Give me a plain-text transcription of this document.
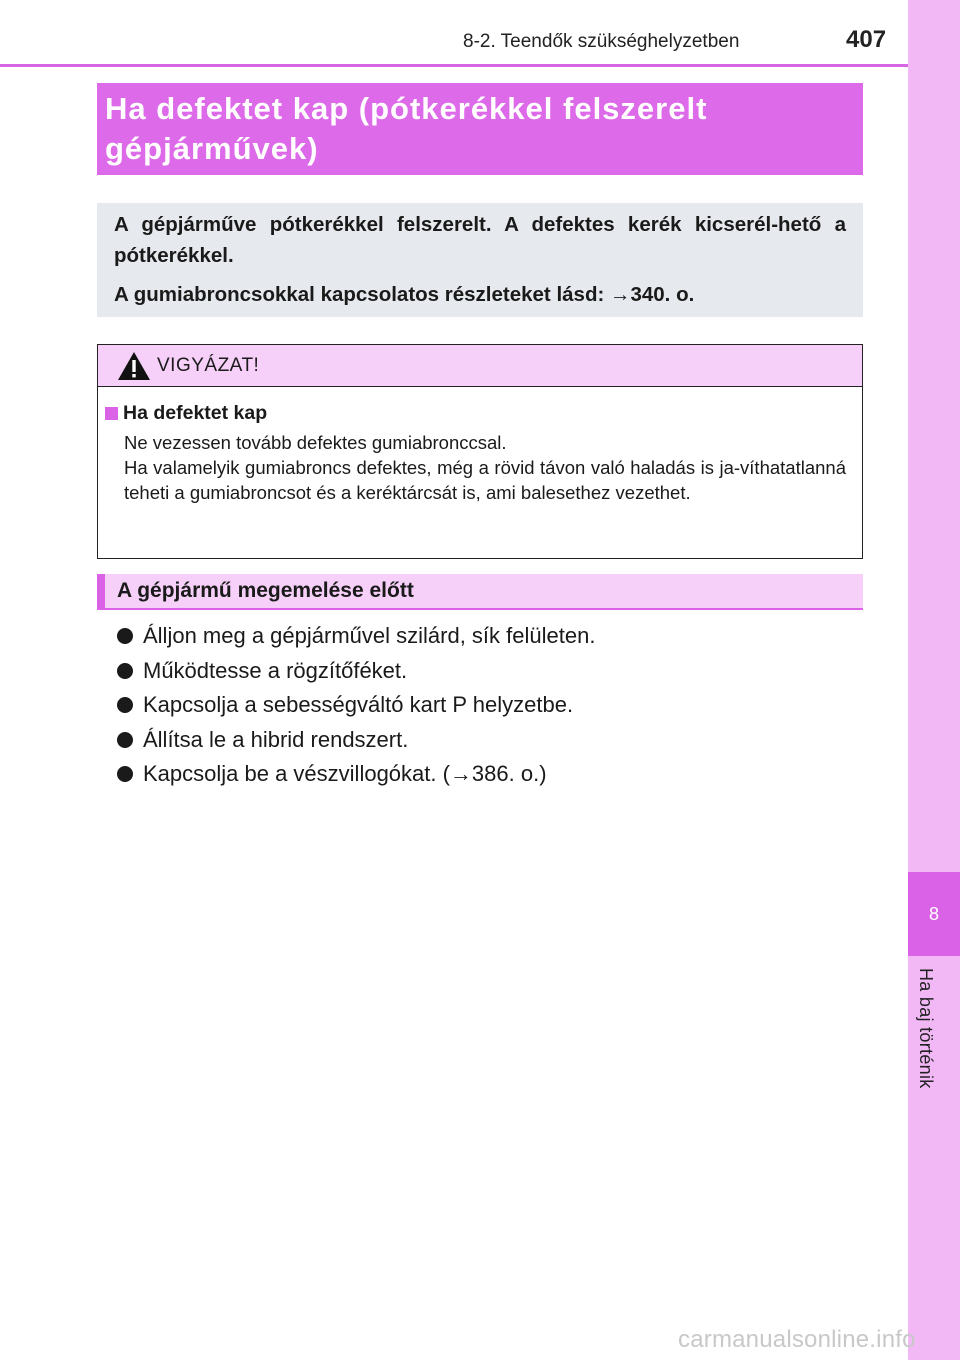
8
Ha baj történik
8-2. Teendők szükséghelyzetben	407
Ha defektet kap (pótkerékkel felszerelt
gépjárművek)

A gépjárműve pótkerékkel felszerelt. A defektes kerék kicserél-hető a pótkerékkel.

A gumiabroncsokkal kapcsolatos részleteket lásd: →340. o.

VIGYÁZAT!
Ha defektet kap

Ne vezessen tovább defektes gumiabronccsal.

Ha valamelyik gumiabroncs defektes, még a rövid távon való haladás is ja-víthatatlanná teheti a gumiabroncsot és a keréktárcsát is, ami balesethez vezethet.

A gépjármű megemelése előtt
Álljon meg a gépjárművel szilárd, sík felületen.
Működtesse a rögzítőféket.
Kapcsolja a sebességváltó kart P helyzetbe.
Állítsa le a hibrid rendszert.
Kapcsolja be a vészvillogókat. (→386. o.)
carmanualsonline.info
